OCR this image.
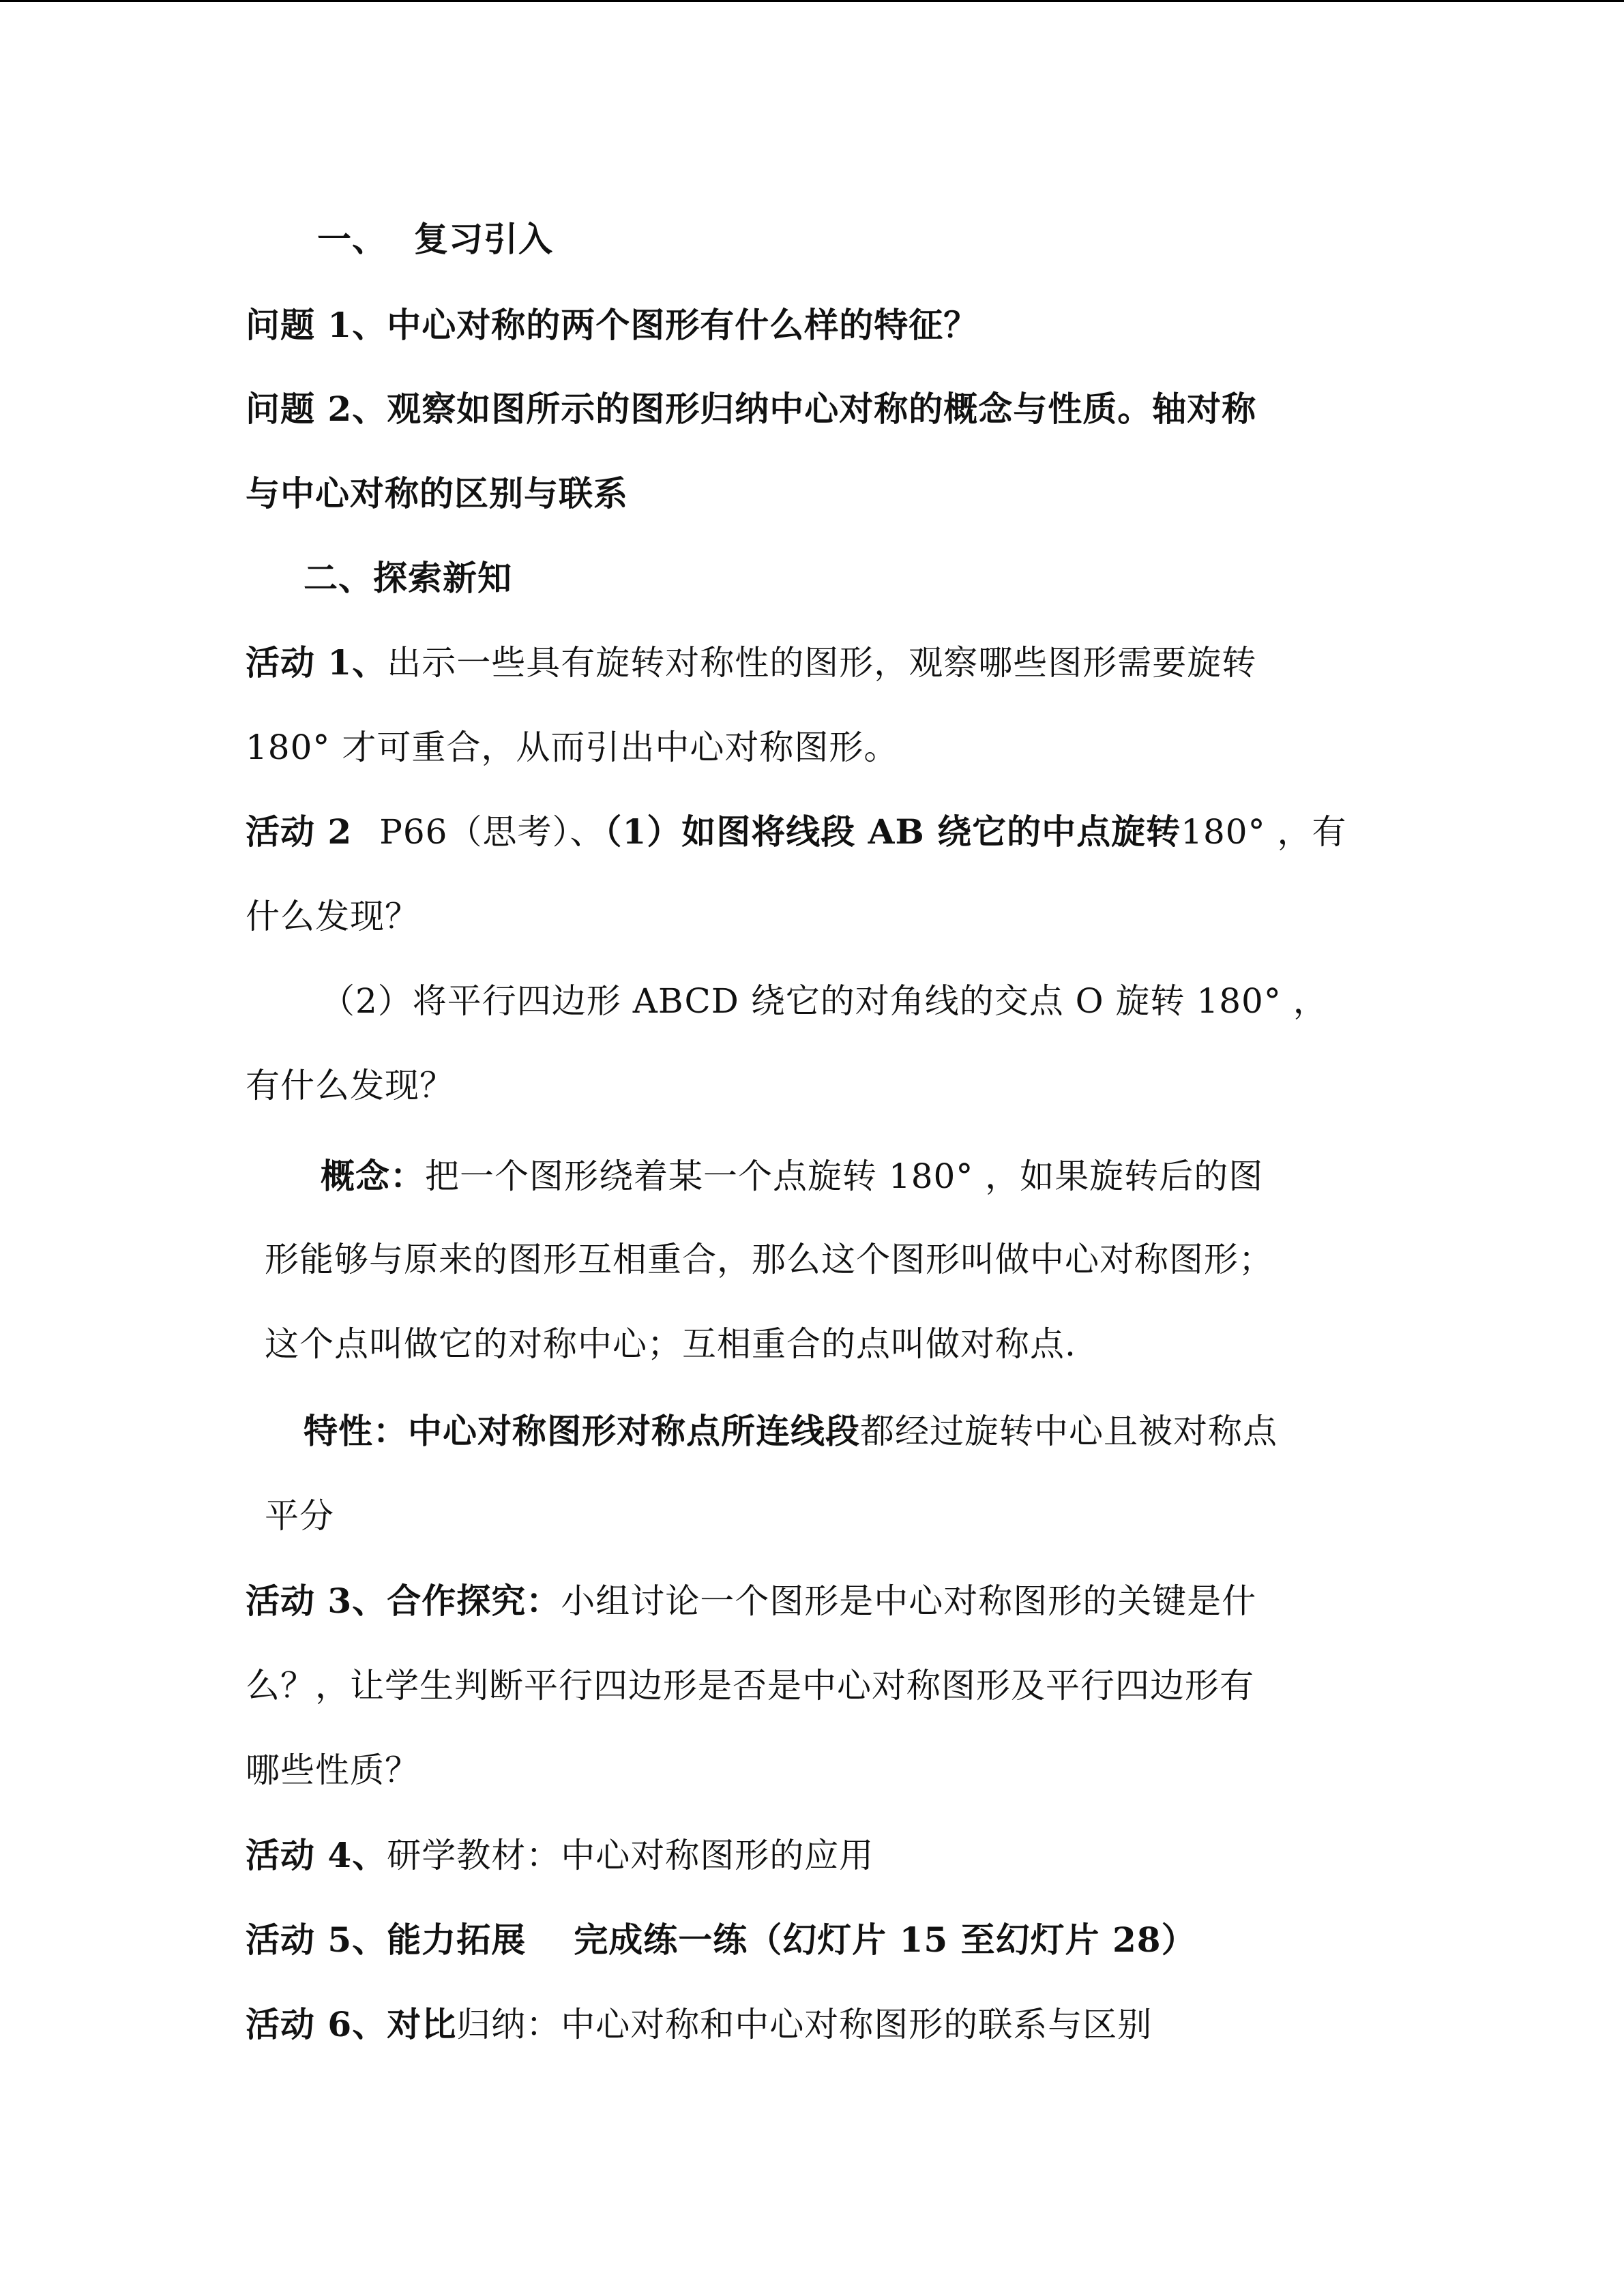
一、 复习引入
问题 1、中心对称的两个图形有什么样的特征？
问题 2、观察如图所示的图形归纳中心对称的概念与性质。轴对称
与中心对称的区别与联系
二、探索新知
活动 1、出示一些具有旋转对称性的图形，观察哪些图形需要旋转
180° 才可重合，从而引出中心对称图形。
活动 2 P66（思考）、（1）如图将线段 AB 绕它的中点旋转180° ，有
什么发现？
（2）将平行四边形 ABCD 绕它的对角线的交点 O 旋转 180° ，
有什么发现？
概念：把一个图形绕着某一个点旋转 180° ，如果旋转后的图
形能够与原来的图形互相重合，那么这个图形叫做中心对称图形；
这个点叫做它的对称中心；互相重合的点叫做对称点.
特性：中心对称图形对称点所连线段都经过旋转中心且被对称点
平分
活动 3、合作探究：小组讨论一个图形是中心对称图形的关键是什
么？，让学生判断平行四边形是否是中心对称图形及平行四边形有
哪些性质？
活动 4、研学教材：中心对称图形的应用
活动 5、能力拓展 完成练一练（幻灯片 15 至幻灯片 28）
活动 6、对比归纳：中心对称和中心对称图形的联系与区别
